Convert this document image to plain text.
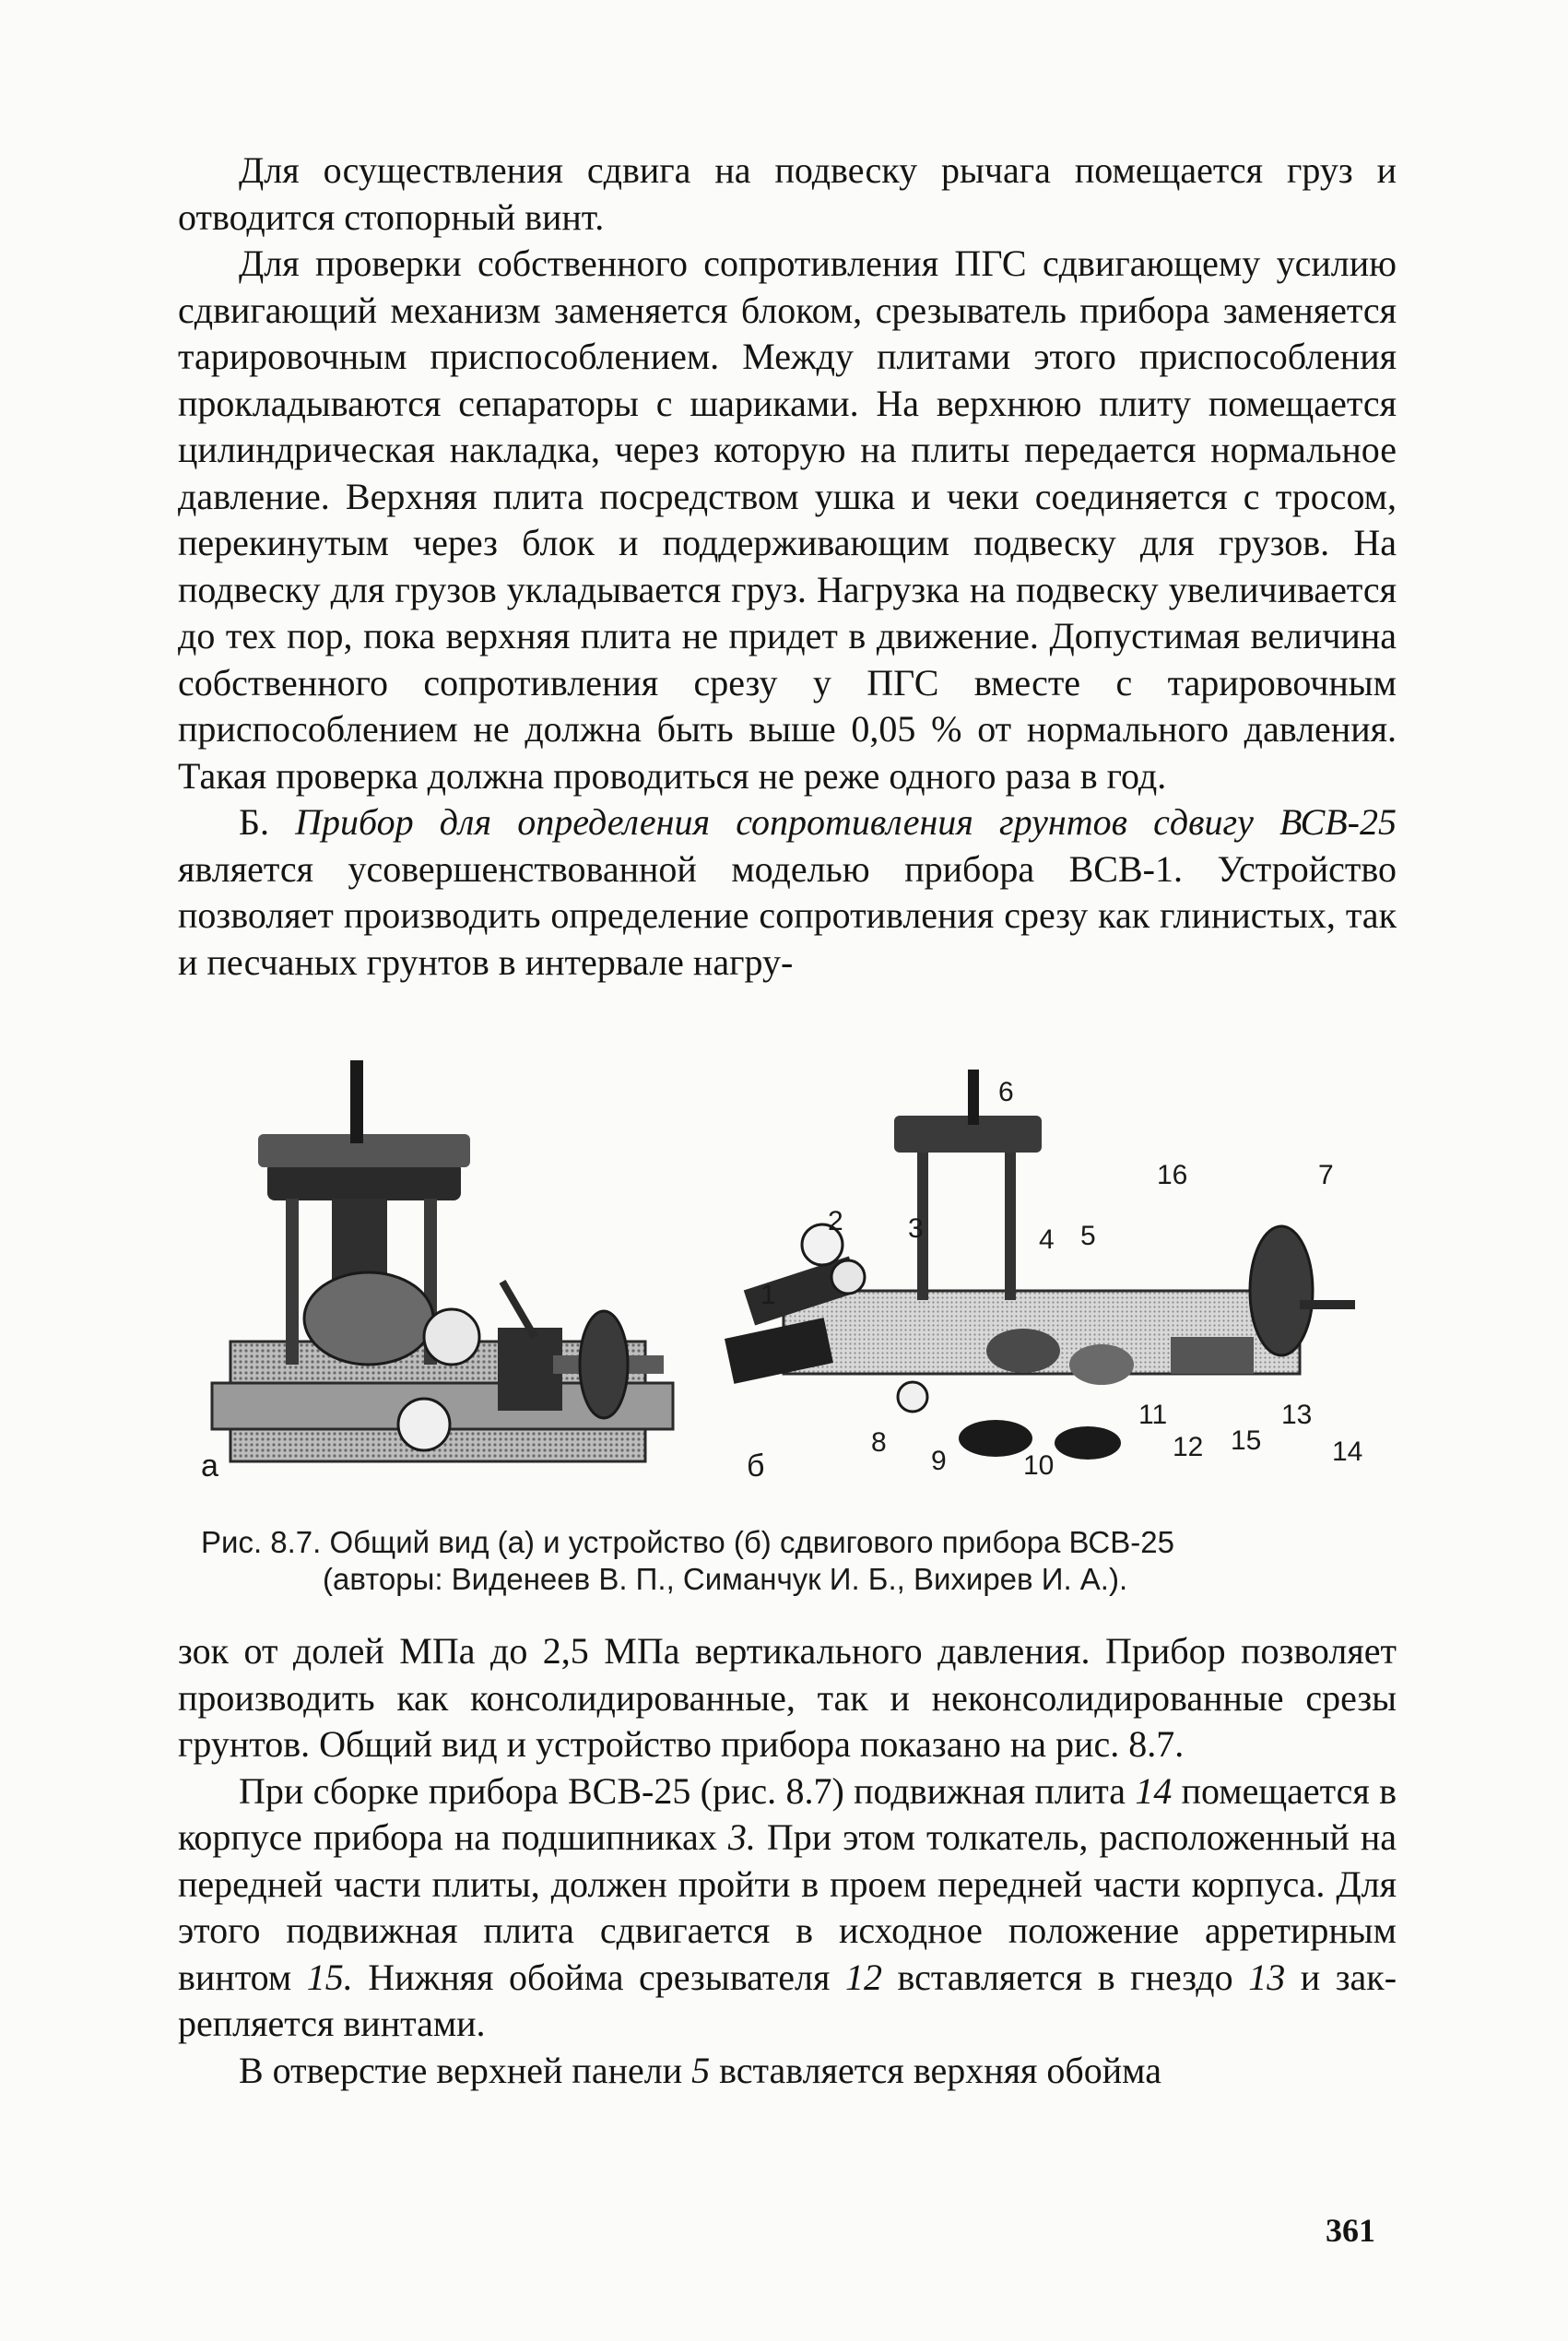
Для осуществления сдвига на подвеску рычага помещается груз и отводится стопорный винт.

Для проверки собственного сопротивления ПГС сдвигающему усилию сдвигающий механизм заменяется блоком, срезыватель прибора заменяется тарировочным приспособлением. Между плитами этого приспособления прокладываются сепараторы с шариками. На верхнюю плиту помещается цилиндрическая накладка, через которую на плиты передается нормальное давление. Верхняя плита посредством ушка и чеки соединяется с тросом, перекинутым через блок и поддерживающим подвеску для грузов. На подвеску для грузов укладывается груз. Нагрузка на подвеску увеличивается до тех пор, пока верхняя плита не придет в движение. Допустимая величина собственного сопротивления срезу у ПГС вместе с тарировочным приспособлением не должна быть выше 0,05 % от нормального давления. Такая проверка должна проводиться не реже одного раза в год.

Б. Прибор для определения сопротивления грунтов сдвигу ВСВ-25 является усовершенствованной моделью прибора ВСВ-1. Устройство позволяет производить определение сопротивления срезу как глинистых, так и песчаных грунтов в интервале нагру-

а	б
1
2 3	4 5
6
7
8
9	10
11
12
13
14
15
16
Рис. 8.7. Общий вид (а) и устройство (б) сдвигового прибора ВСВ-25
(авторы: Виденеев В. П., Симанчук И. Б., Вихирев И. А.).

зок от долей МПа до 2,5 МПа вертикального давления. Прибор позволяет производить как консолидированные, так и неконсолидированные срезы грунтов. Общий вид и устройство прибора показано на рис. 8.7.

При сборке прибора ВСВ-25 (рис. 8.7) подвижная плита 14 помещается в корпусе прибора на подшипниках 3. При этом толкатель, расположенный на передней части плиты, должен пройти в проем передней части корпуса. Для этого подвижная плита сдвигается в исходное положение арретирным винтом 15. Нижняя обойма срезывателя 12 вставляется в гнездо 13 и закрепляется винтами.

В отверстие верхней панели 5 вставляется верхняя обойма

361
